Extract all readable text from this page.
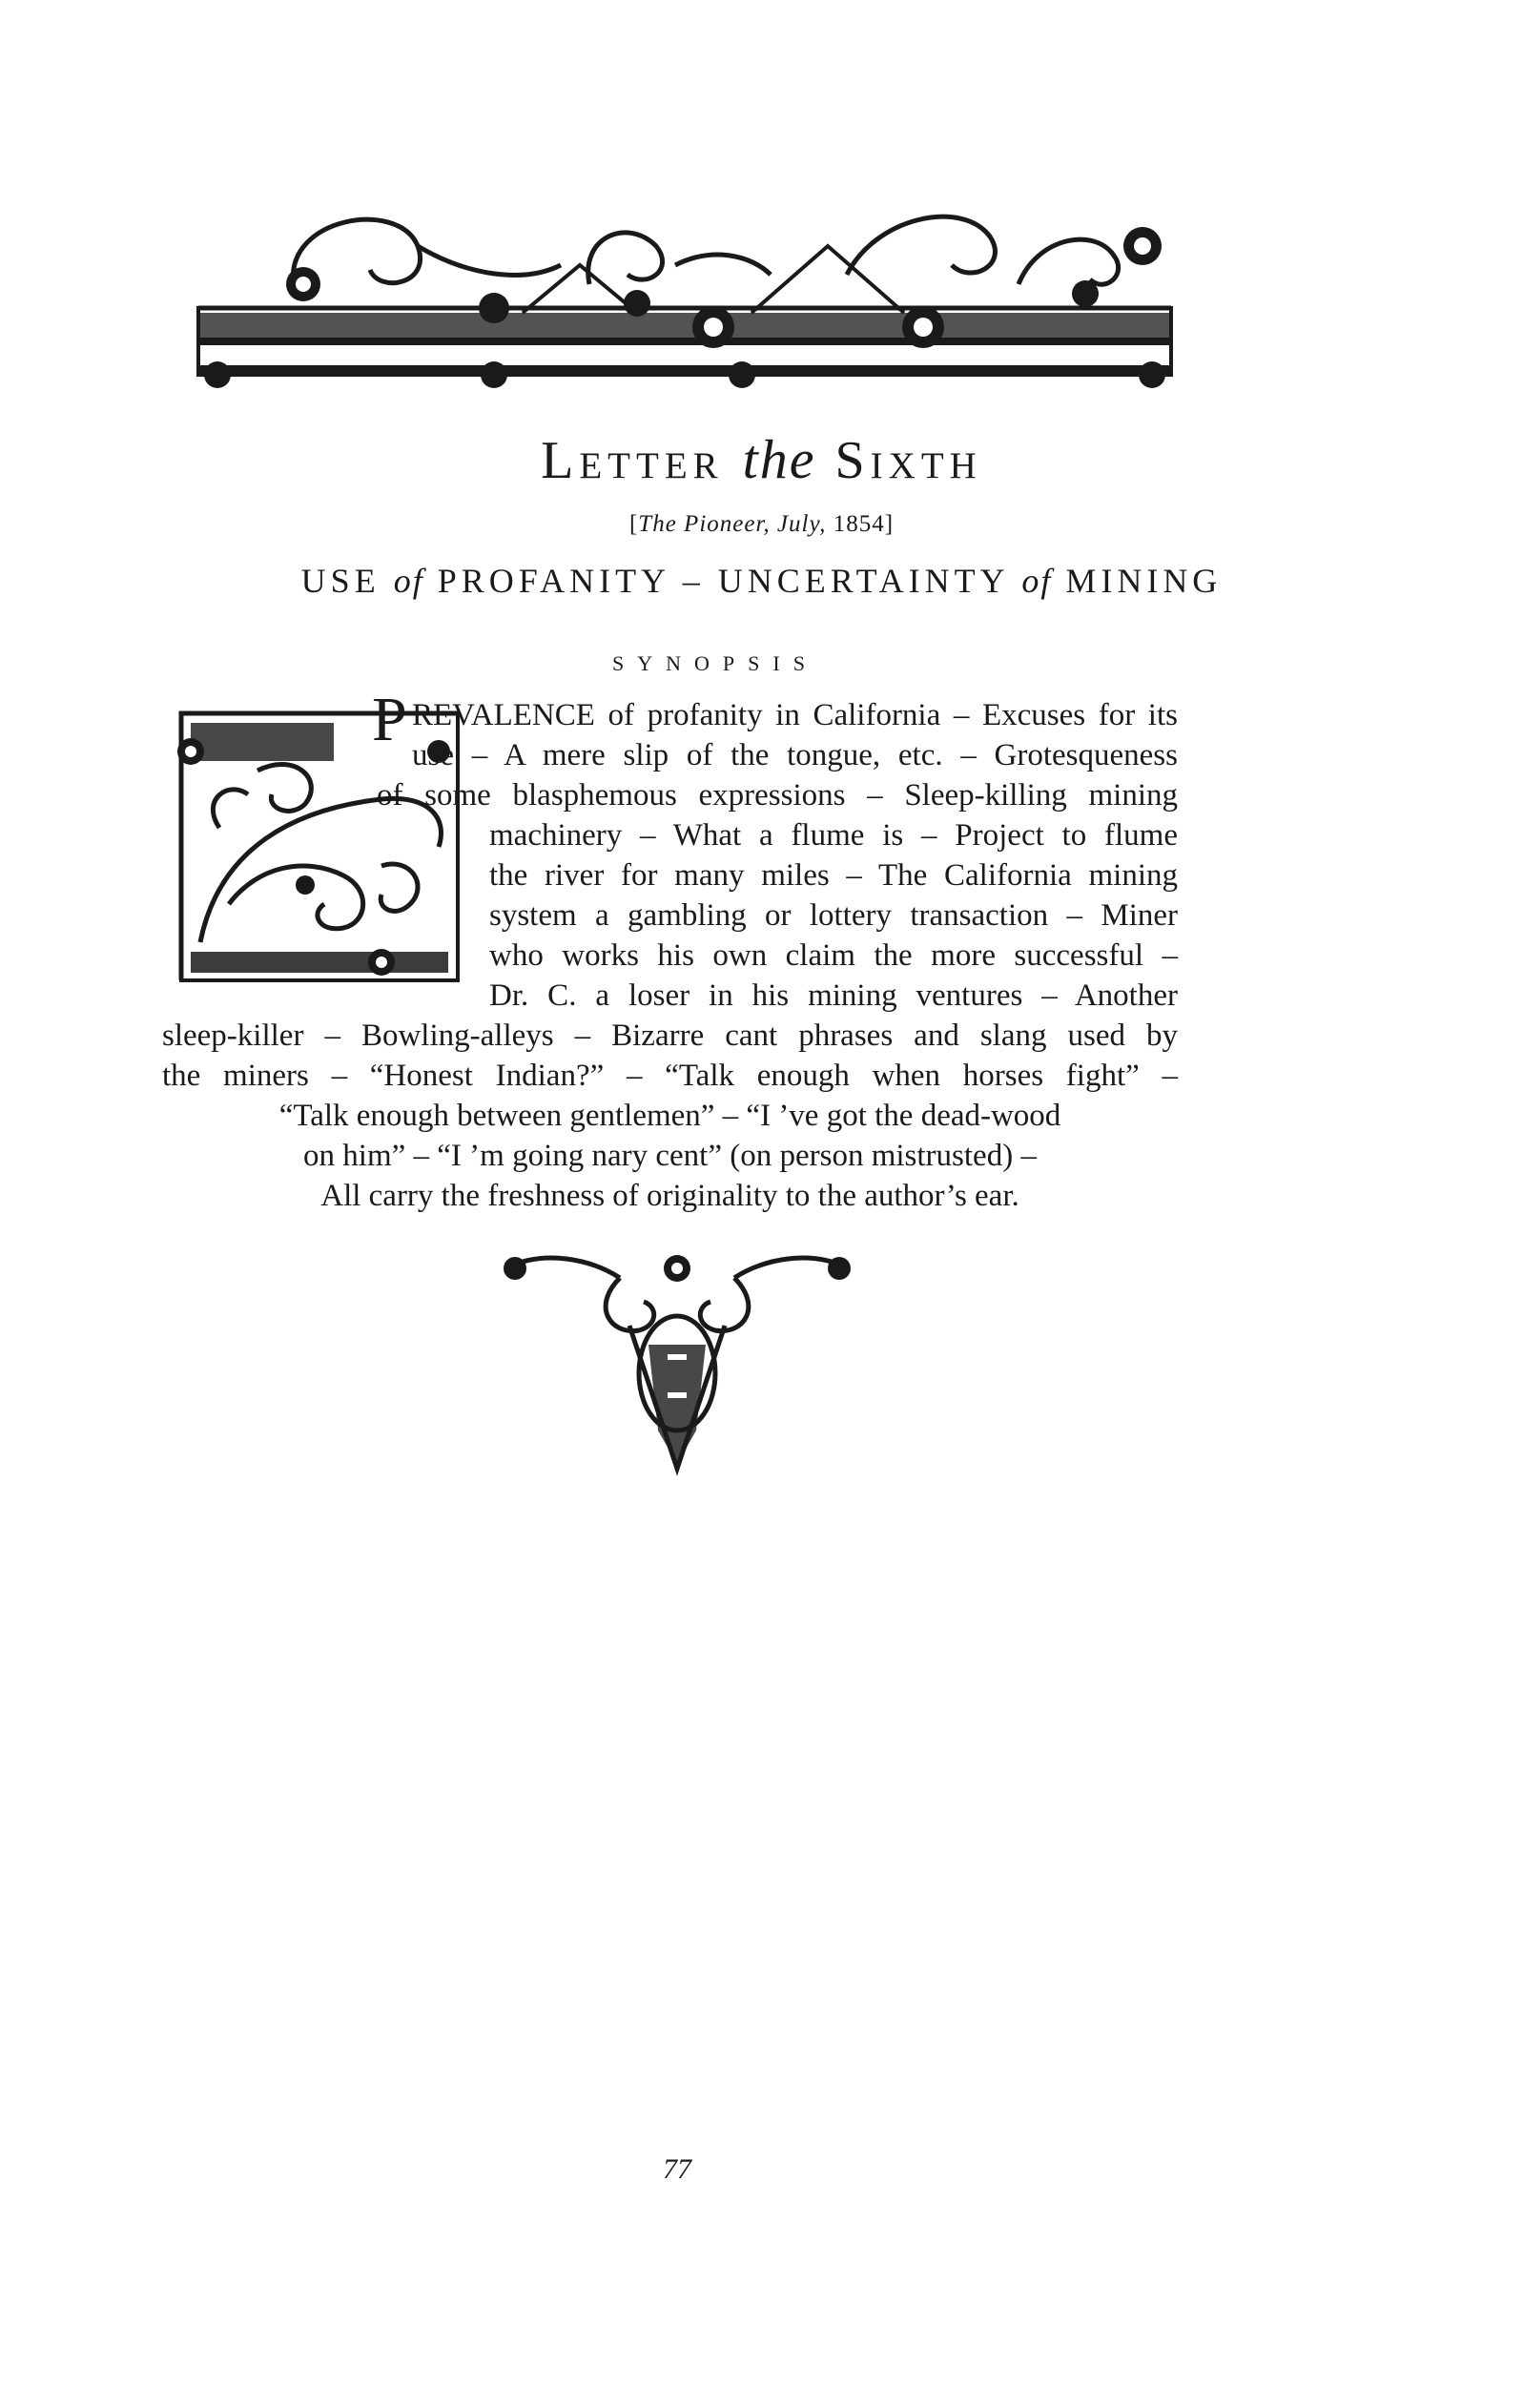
Letter the Sixth
[The Pioneer, July, 1854]
USE of PROFANITY – UNCERTAINTY of MINING
SYNOPSIS
P REVALENCE of profanity in California – Excuses for its
use – A mere slip of the tongue, etc. – Grotesqueness
of some blasphemous expressions – Sleep-killing mining
machinery – What a flume is – Project to flume
the river for many miles – The California mining
system a gambling or lottery transaction – Miner
who works his own claim the more successful –
Dr. C. a loser in his mining ventures – Another
sleep-killer – Bowling-alleys – Bizarre cant phrases and slang used by
the miners – “Honest Indian?” – “Talk enough when horses fight” –
“Talk enough between gentlemen” – “I ’ve got the dead-wood
on him” – “I ’m going nary cent” (on person mistrusted) –
All carry the freshness of originality to the author’s ear.
77
